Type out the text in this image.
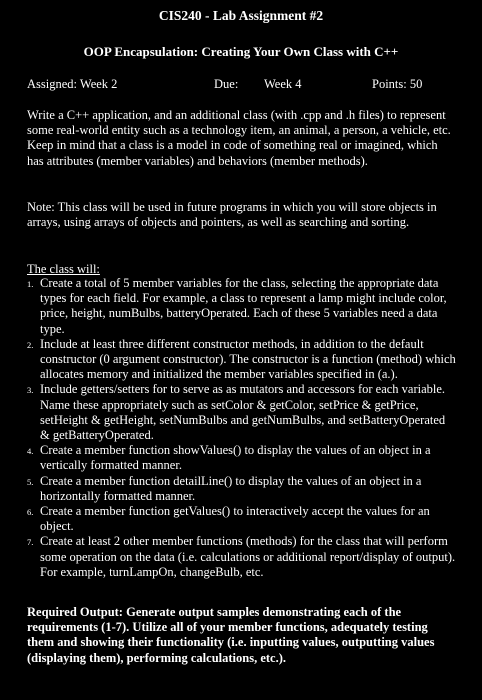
CIS240 - Lab Assignment #2
OOP Encapsulation: Creating Your Own Class with C++
Assigned: Week 2	Due: Week 4	Points: 50
Write a C++ application, and an additional class (with .cpp and .h files) to represent some real-world entity such as a technology item, an animal, a person, a vehicle, etc. Keep in mind that a class is a model in code of something real or imagined, which has attributes (member variables) and behaviors (member methods).
Note: This class will be used in future programs in which you will store objects in arrays, using arrays of objects and pointers, as well as searching and sorting.
The class will:
1. Create a total of 5 member variables for the class, selecting the appropriate data types for each field. For example, a class to represent a lamp might include color, price, height, numBulbs, batteryOperated. Each of these 5 variables need a data type.
2. Include at least three different constructor methods, in addition to the default constructor (0 argument constructor). The constructor is a function (method) which allocates memory and initialized the member variables specified in (a.).
3. Include getters/setters for to serve as as mutators and accessors for each variable. Name these appropriately such as setColor & getColor, setPrice & getPrice, setHeight & getHeight, setNumBulbs and getNumBulbs, and setBatteryOperated & getBatteryOperated.
4. Create a member function showValues() to display the values of an object in a vertically formatted manner.
5. Create a member function detailLine() to display the values of an object in a horizontally formatted manner.
6. Create a member function getValues() to interactively accept the values for an object.
7. Create at least 2 other member functions (methods) for the class that will perform some operation on the data (i.e. calculations or additional report/display of output). For example, turnLampOn, changeBulb, etc.
Required Output: Generate output samples demonstrating each of the requirements (1-7). Utilize all of your member functions, adequately testing them and showing their functionality (i.e. inputting values, outputting values (displaying them), performing calculations, etc.).
